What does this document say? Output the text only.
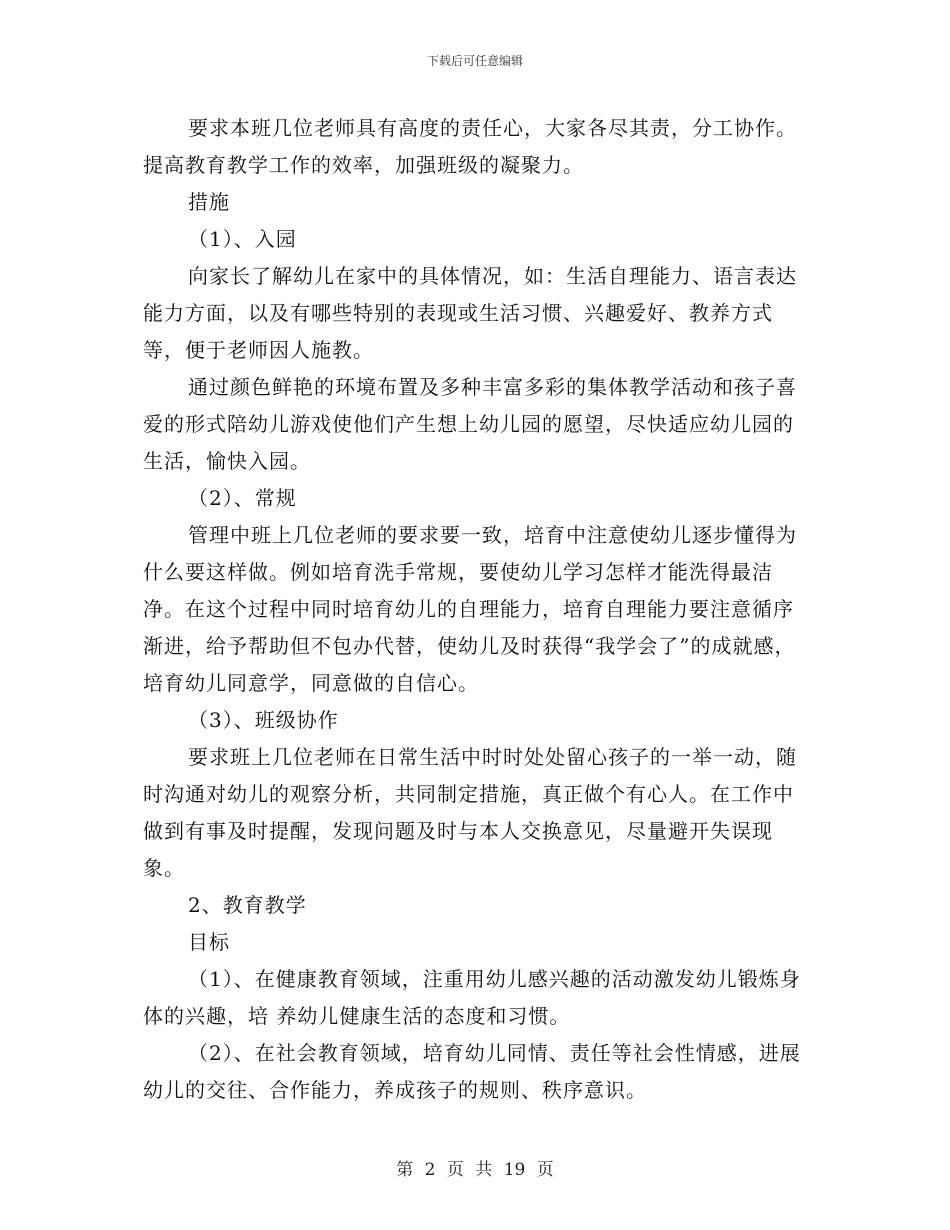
下载后可任意编辑

要求本班几位老师具有高度的责任心，大家各尽其责，分工协作。提高教育教学工作的效率，加强班级的凝聚力。

措施

（1）、入园

向家长了解幼儿在家中的具体情况，如：生活自理能力、语言表达能力方面，以及有哪些特别的表现或生活习惯、兴趣爱好、教养方式等，便于老师因人施教。

通过颜色鲜艳的环境布置及多种丰富多彩的集体教学活动和孩子喜爱的形式陪幼儿游戏使他们产生想上幼儿园的愿望，尽快适应幼儿园的生活，愉快入园。

（2）、常规

管理中班上几位老师的要求要一致，培育中注意使幼儿逐步懂得为什么要这样做。例如培育洗手常规，要使幼儿学习怎样才能洗得最洁净。在这个过程中同时培育幼儿的自理能力，培育自理能力要注意循序渐进，给予帮助但不包办代替，使幼儿及时获得“我学会了”的成就感，培育幼儿同意学，同意做的自信心。

（3）、班级协作

要求班上几位老师在日常生活中时时处处留心孩子的一举一动，随时沟通对幼儿的观察分析，共同制定措施，真正做个有心人。在工作中做到有事及时提醒，发现问题及时与本人交换意见，尽量避开失误现象。

2、教育教学

目标

（1）、在健康教育领域，注重用幼儿感兴趣的活动激发幼儿锻炼身体的兴趣，培 养幼儿健康生活的态度和习惯。

（2）、在社会教育领域，培育幼儿同情、责任等社会性情感，进展幼儿的交往、合作能力，养成孩子的规则、秩序意识。

第 2 页 共 19 页
